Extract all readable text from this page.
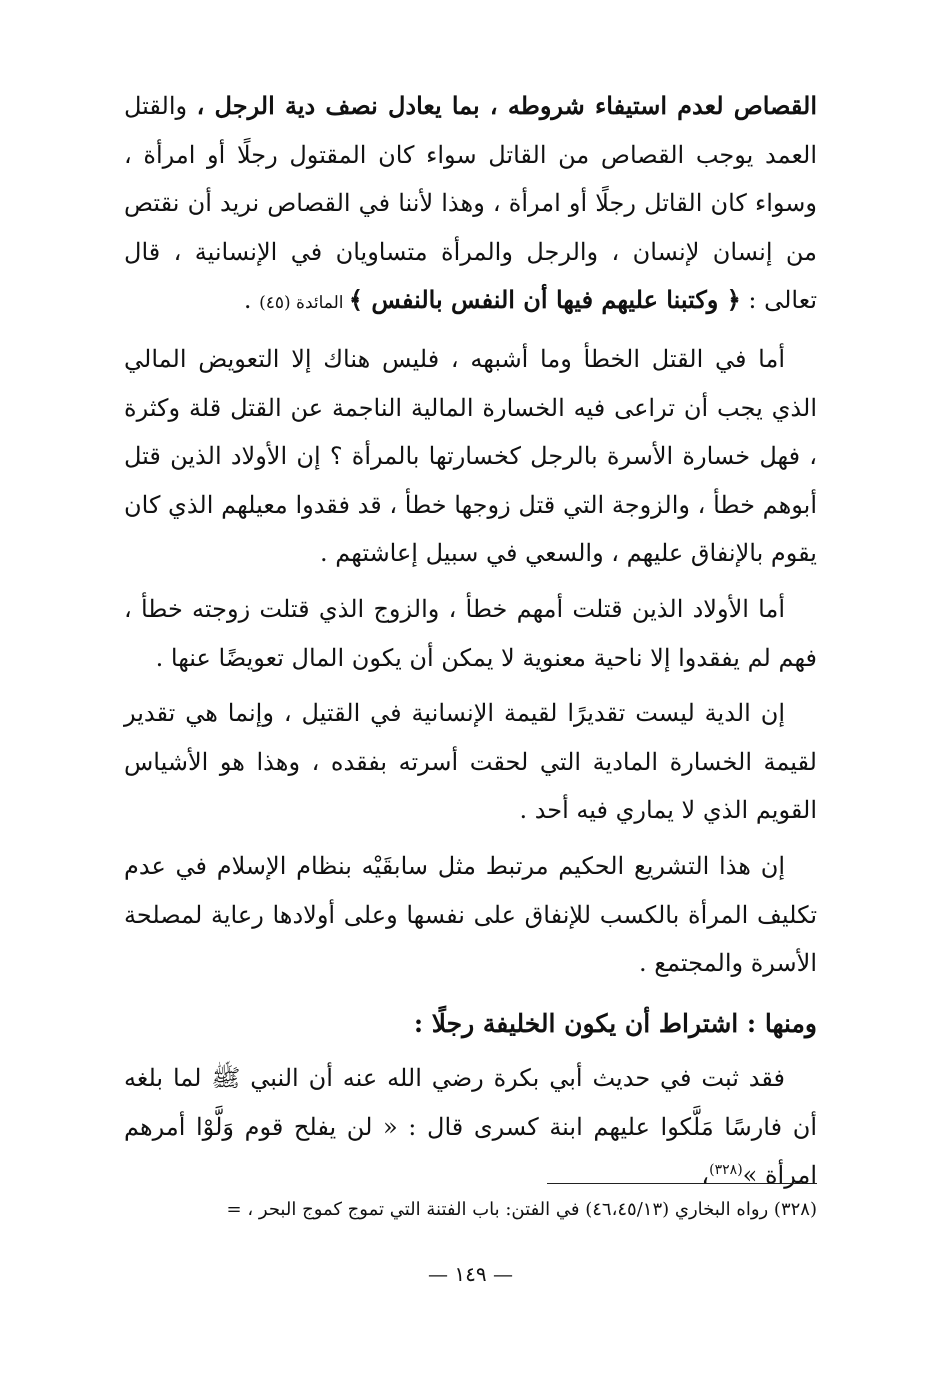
القصاص لعدم استيفاء شروطه ، بما يعادل نصف دية الرجل ، والقتل العمد يوجب القصاص من القاتل سواء كان المقتول رجلًا أو امرأة ، وسواء كان القاتل رجلًا أو امرأة ، وهذا لأننا في القصاص نريد أن نقتص من إنسان لإنسان ، والرجل والمرأة متساويان في الإنسانية ، قال تعالى : ﴿ وكتبنا عليهم فيها أن النفس بالنفس ﴾ المائدة (٤٥) .

أما في القتل الخطأ وما أشبهه ، فليس هناك إلا التعويض المالي الذي يجب أن تراعى فيه الخسارة المالية الناجمة عن القتل قلة وكثرة ، فهل خسارة الأسرة بالرجل كخسارتها بالمرأة ؟ إن الأولاد الذين قتل أبوهم خطأ ، والزوجة التي قتل زوجها خطأ ، قد فقدوا معيلهم الذي كان يقوم بالإنفاق عليهم ، والسعي في سبيل إعاشتهم .

أما الأولاد الذين قتلت أمهم خطأ ، والزوج الذي قتلت زوجته خطأ ، فهم لم يفقدوا إلا ناحية معنوية لا يمكن أن يكون المال تعويضًا عنها .

إن الدية ليست تقديرًا لقيمة الإنسانية في القتيل ، وإنما هي تقدير لقيمة الخسارة المادية التي لحقت أسرته بفقده ، وهذا هو الأشياس القويم الذي لا يماري فيه أحد .

إن هذا التشريع الحكيم مرتبط مثل سابقَيْه بنظام الإسلام في عدم تكليف المرأة بالكسب للإنفاق على نفسها وعلى أولادها رعاية لمصلحة الأسرة والمجتمع .

ومنها : اشتراط أن يكون الخليفة رجلًا :

فقد ثبت في حديث أبي بكرة رضي الله عنه أن النبي ﷺ لما بلغه أن فارسًا مَلَّكوا عليهم ابنة كسرى قال : « لن يفلح قوم وَلَّوْا أمرهم امرأة »$^{(٣٢٨)}$،

(٣٢٨) رواه البخاري (٤٦،٤٥/١٣) في الفتن: باب الفتنة التي تموج كموج البحر ، =
— ١٤٩ —
